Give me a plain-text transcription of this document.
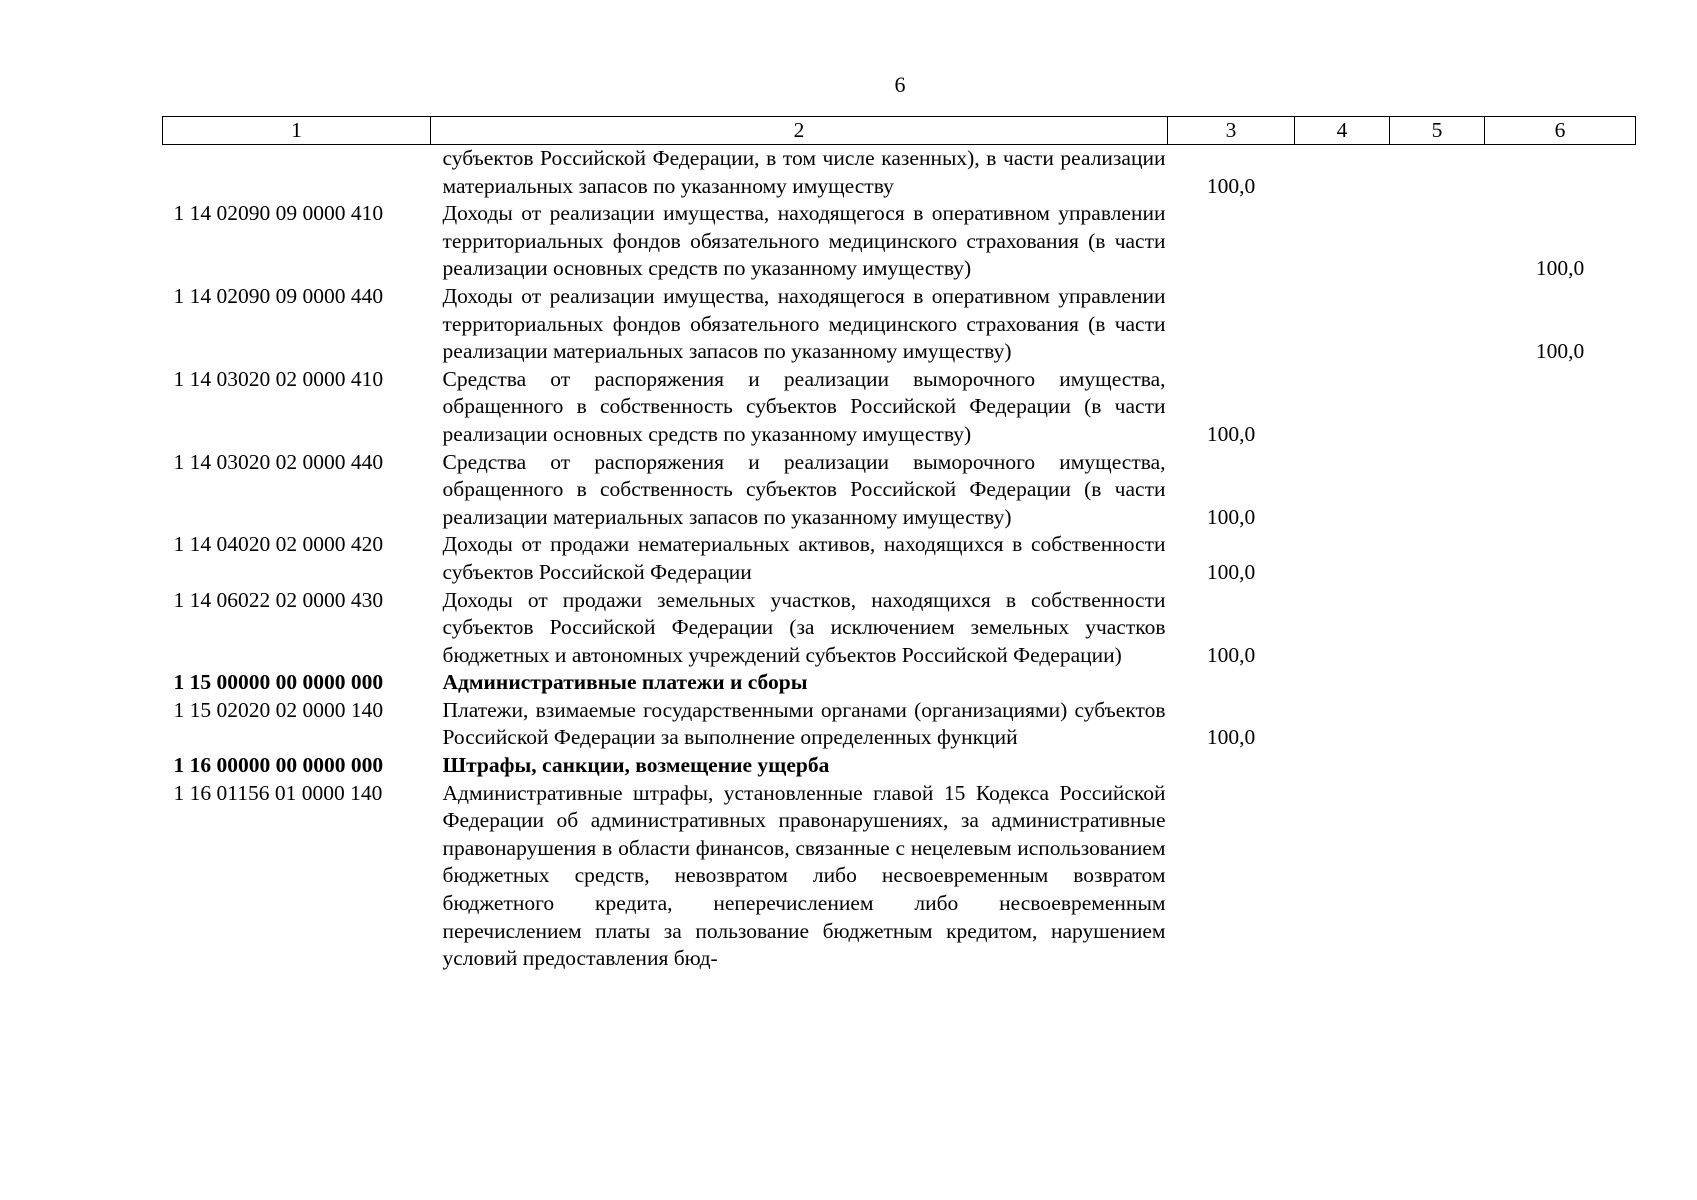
6
1	2	3	4	5	6
	субъектов Российской Федерации, в том числе казенных), в части реализации материальных запасов по указанному имуществу	100,0			
1 14 02090 09 0000 410	Доходы от реализации имущества, находящегося в оперативном управлении территориальных фондов обязательного медицинского страхования (в части реализации основных средств по указанному имуществу)				100,0
1 14 02090 09 0000 440	Доходы от реализации имущества, находящегося в оперативном управлении территориальных фондов обязательного медицинского страхования (в части реализации материальных запасов по указанному имуществу)				100,0
1 14 03020 02 0000 410	Средства от распоряжения и реализации выморочного имущества, обращенного в собственность субъектов Российской Федерации (в части реализации основных средств по указанному имуществу)	100,0			
1 14 03020 02 0000 440	Средства от распоряжения и реализации выморочного имущества, обращенного в собственность субъектов Российской Федерации (в части реализации материальных запасов по указанному имуществу)	100,0			
1 14 04020 02 0000 420	Доходы от продажи нематериальных активов, находящихся в собственности субъектов Российской Федерации	100,0			
1 14 06022 02 0000 430	Доходы от продажи земельных участков, находящихся в собственности субъектов Российской Федерации (за исключением земельных участков бюджетных и автономных учреждений субъектов Российской Федерации)	100,0			
1 15 00000 00 0000 000	Административные платежи и сборы				
1 15 02020 02 0000 140	Платежи, взимаемые государственными органами (организациями) субъектов Российской Федерации за выполнение определенных функций	100,0			
1 16 00000 00 0000 000	Штрафы, санкции, возмещение ущерба				
1 16 01156 01 0000 140	Административные штрафы, установленные главой 15 Кодекса Российской Федерации об административных правонарушениях, за административные правонарушения в области финансов, связанные с нецелевым использованием бюджетных средств, невозвратом либо несвоевременным возвратом бюджетного кредита, неперечислением либо несвоевременным перечислением платы за пользование бюджетным кредитом, нарушением условий предоставления бюд-				
